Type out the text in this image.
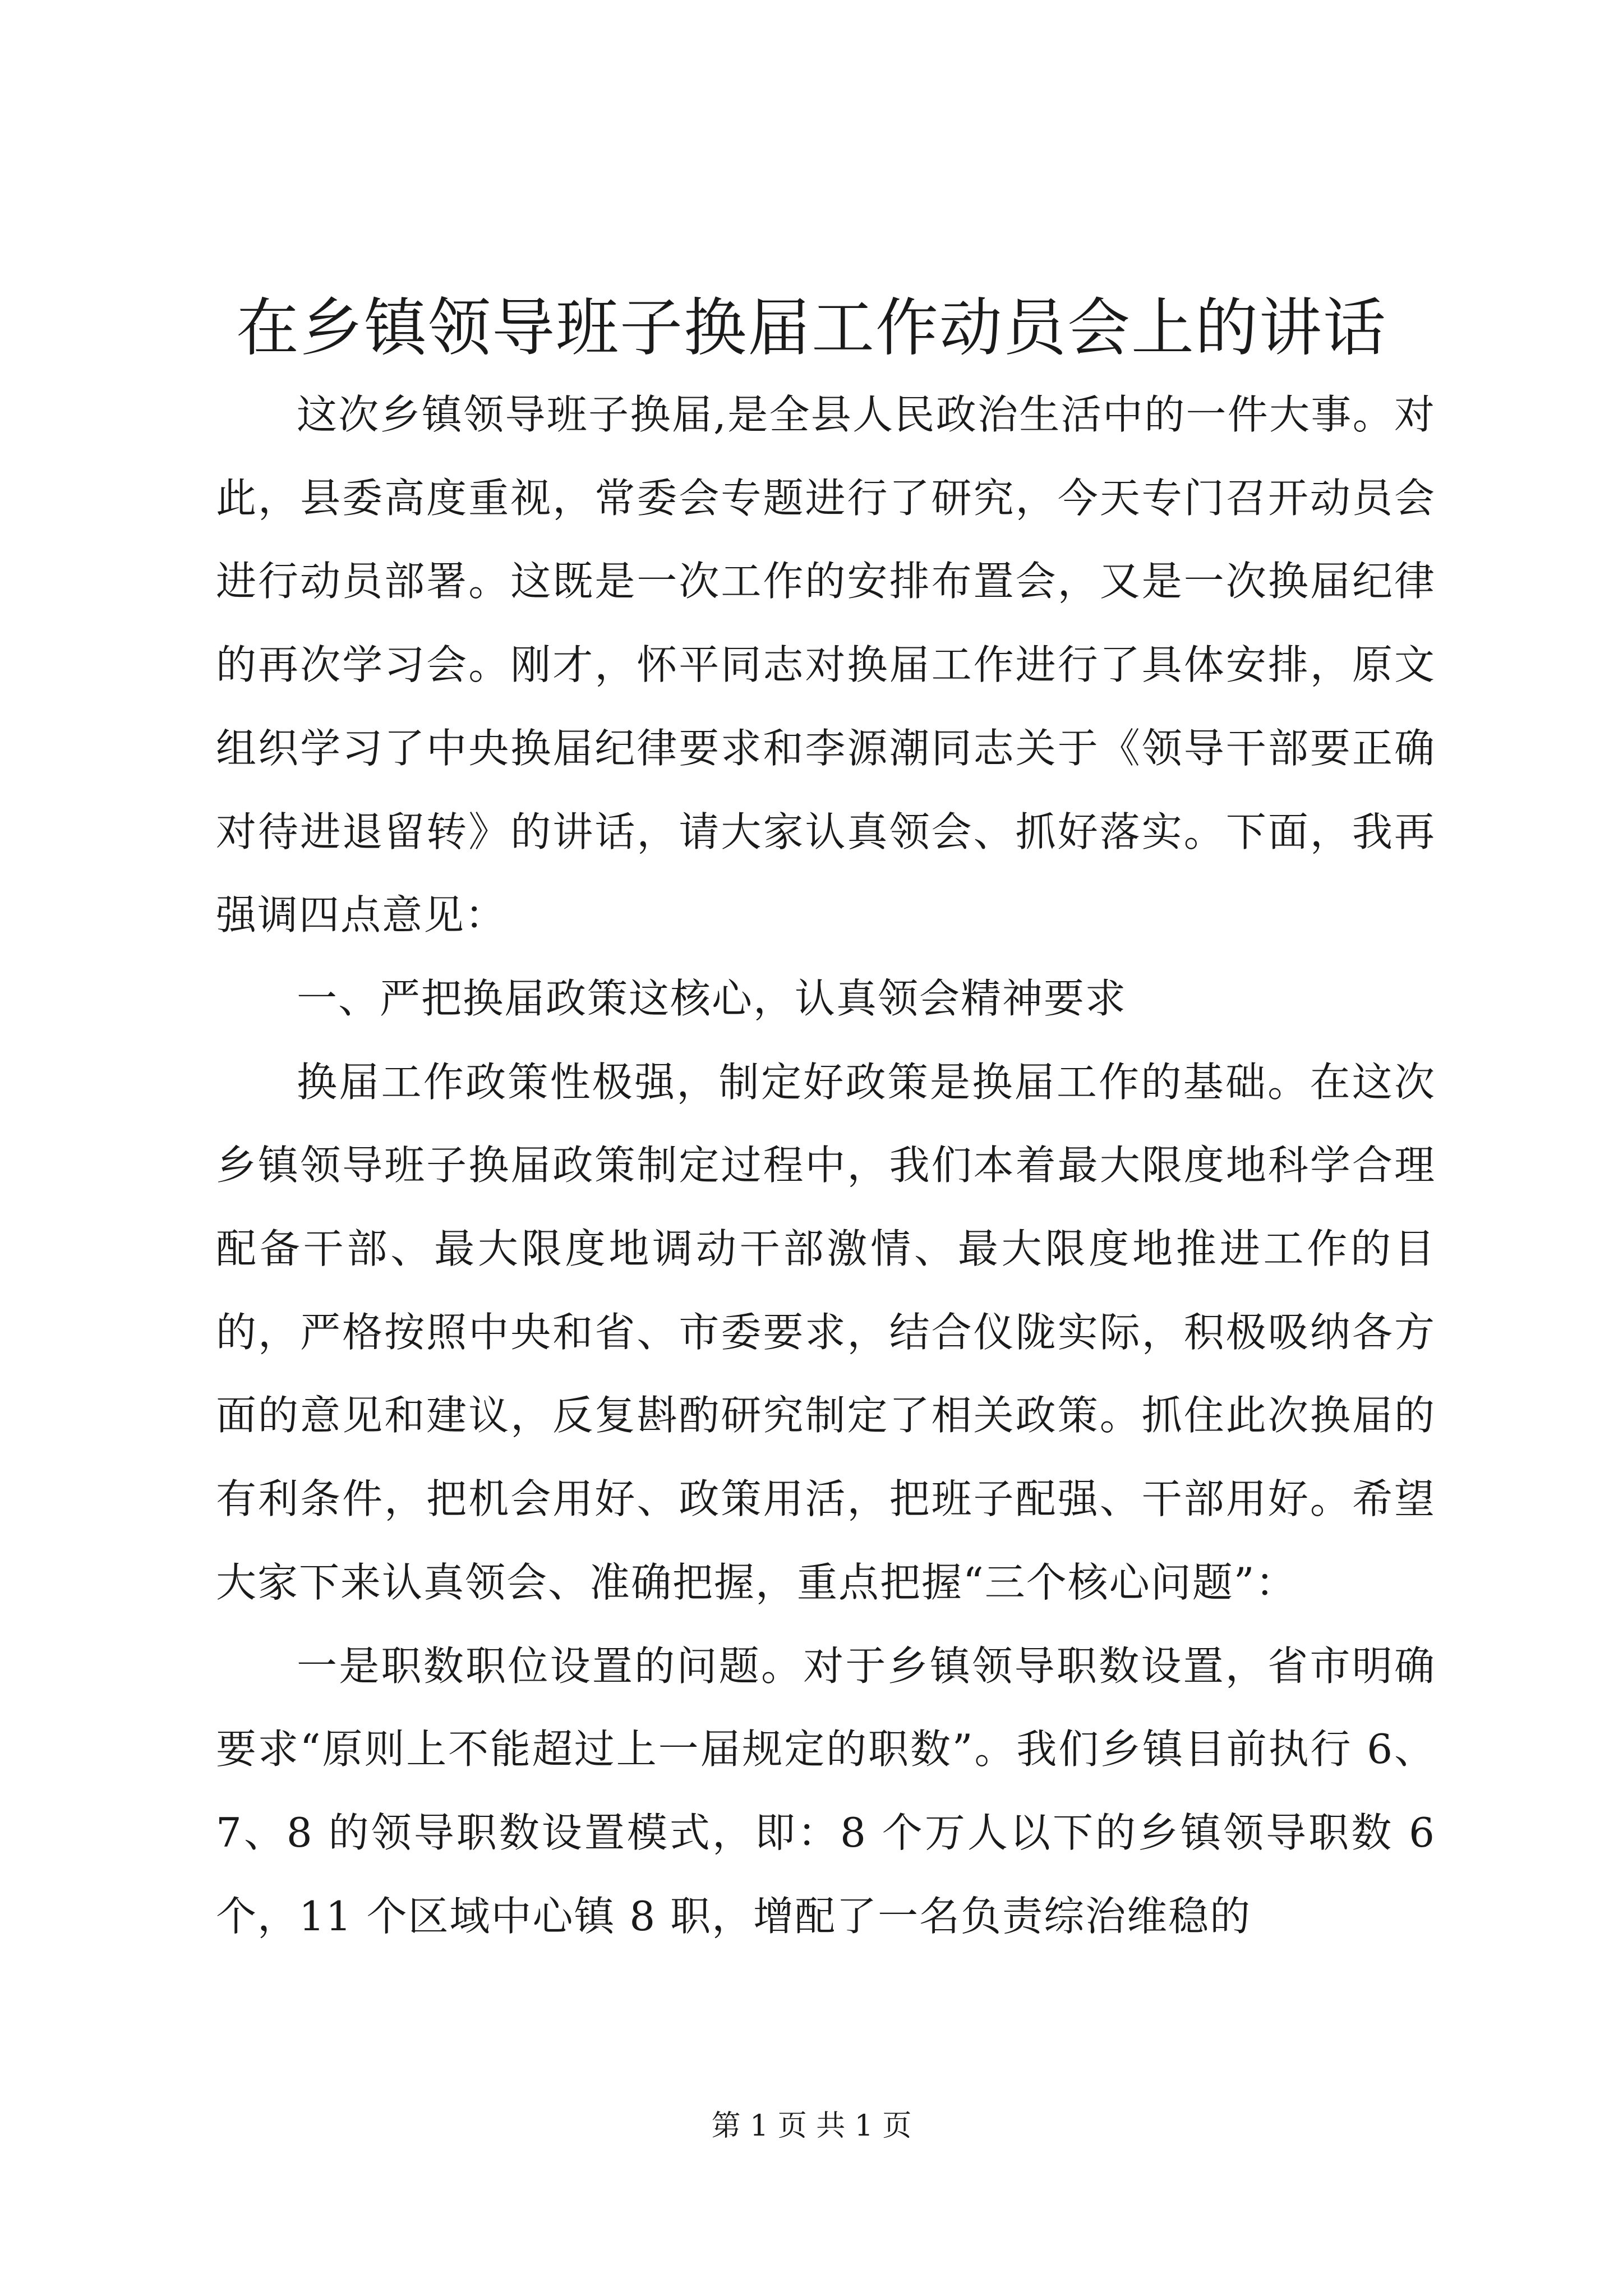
在乡镇领导班子换届工作动员会上的讲话

这次乡镇领导班子换届,是全县人民政治生活中的一件大事。对此，县委高度重视，常委会专题进行了研究，今天专门召开动员会进行动员部署。这既是一次工作的安排布置会，又是一次换届纪律的再次学习会。刚才，怀平同志对换届工作进行了具体安排，原文组织学习了中央换届纪律要求和李源潮同志关于《领导干部要正确对待进退留转》的讲话，请大家认真领会、抓好落实。下面，我再强调四点意见：

一、严把换届政策这核心，认真领会精神要求

换届工作政策性极强，制定好政策是换届工作的基础。在这次乡镇领导班子换届政策制定过程中，我们本着最大限度地科学合理配备干部、最大限度地调动干部激情、最大限度地推进工作的目的，严格按照中央和省、市委要求，结合仪陇实际，积极吸纳各方面的意见和建议，反复斟酌研究制定了相关政策。抓住此次换届的有利条件，把机会用好、政策用活，把班子配强、干部用好。希望大家下来认真领会、准确把握，重点把握“三个核心问题”：

一是职数职位设置的问题。对于乡镇领导职数设置，省市明确要求“原则上不能超过上一届规定的职数”。我们乡镇目前执行 6、7、8 的领导职数设置模式，即：8 个万人以下的乡镇领导职数 6 个，11 个区域中心镇 8 职，增配了一名负责综治维稳的

第 1 页 共 1 页
